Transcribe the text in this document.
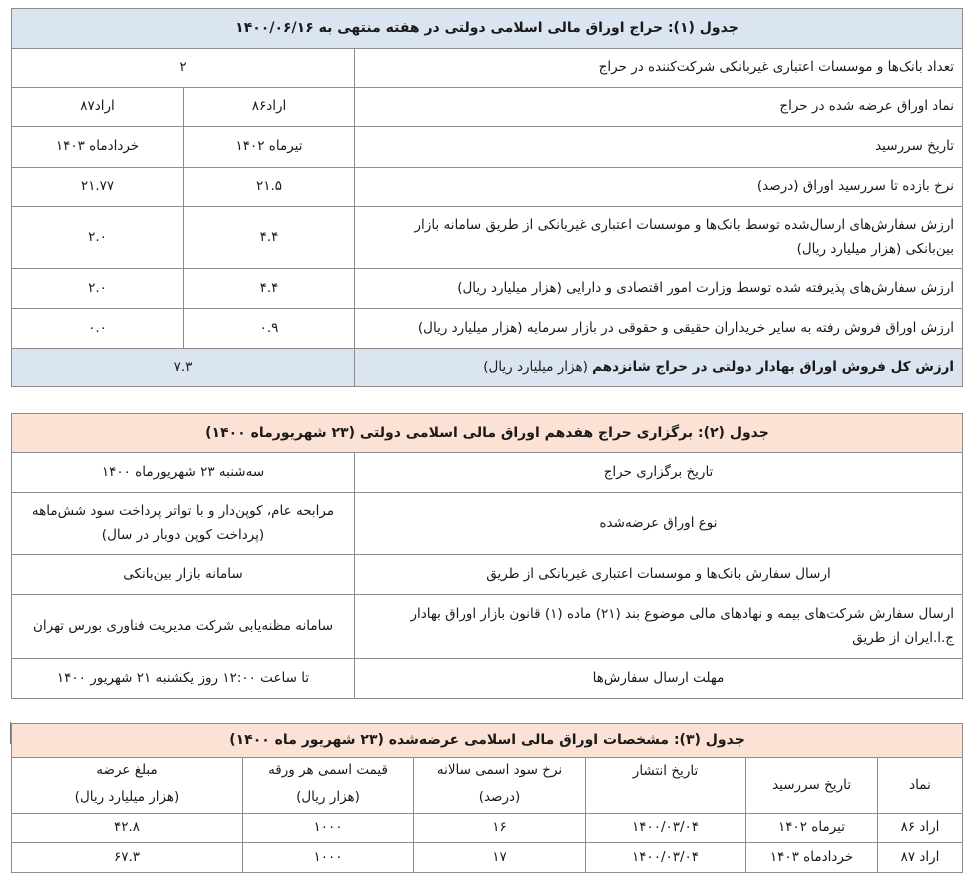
جدول (۱): حراج اوراق مالی اسلامی دولتی در هفته منتهی به ۱۴۰۰/۰۶/۱۶		
تعداد بانک‌ها و موسسات اعتباری غیربانکی شرکت‌کننده در حراج	۲	
نماد اوراق عرضه شده در حراج	اراد۸۶	اراد۸۷
تاریخ سررسید	تیرماه ۱۴۰۲	خردادماه ۱۴۰۳
نرخ بازده تا سررسید اوراق (درصد)	۲۱.۵	۲۱.۷۷
ارزش سفارش‌های ارسال‌شده توسط بانک‌ها و موسسات اعتباری غیربانکی از طریق سامانه بازار بین‌بانکی (هزار میلیارد ریال)	۴.۴	۲.۰
ارزش سفارش‌های پذیرفته شده توسط وزارت امور اقتصادی و دارایی (هزار میلیارد ریال)	۴.۴	۲.۰
ارزش اوراق فروش رفته به سایر خریداران حقیقی و حقوقی در بازار سرمایه (هزار میلیارد ریال)	۰.۹	۰.۰
ارزش کل فروش اوراق بهادار دولتی در حراج شانزدهم (هزار میلیارد ریال)	۷.۳	
جدول (۲): برگزاری حراج هفدهم اوراق مالی اسلامی دولتی (۲۳ شهریورماه ۱۴۰۰)	
تاریخ برگزاری حراج	سه‌شنبه ۲۳ شهریورماه ۱۴۰۰
نوع اوراق عرضه‌شده	مرابحه عام، کوپن‌دار و با تواتر پرداخت سود شش‌ماهه (پرداخت کوپن دوبار در سال)
ارسال سفارش بانک‌ها و موسسات اعتباری غیربانکی از طریق	سامانه بازار بین‌بانکی
ارسال سفارش شرکت‌های بیمه و نهادهای مالی موضوع بند (۲۱) ماده (۱) قانون بازار اوراق بهادار ج.ا.ایران از طریق	سامانه مظنه‌یابی شرکت مدیریت فناوری بورس تهران
مهلت ارسال سفارش‌ها	تا ساعت ۱۲:۰۰ روز یکشنبه ۲۱ شهریور ۱۴۰۰
جدول (۳): مشخصات اوراق مالی اسلامی عرضه‌شده (۲۳ شهریور ماه ۱۴۰۰)					
نماد	تاریخ سررسید	تاریخ انتشار	نرخ سود اسمی سالانه	قیمت اسمی هر ورقه	مبلغ عرضه
			(درصد)	(هزار ریال)	(هزار میلیارد ریال)
اراد ۸۶	تیرماه ۱۴۰۲	۱۴۰۰/۰۳/۰۴	۱۶	۱۰۰۰	۴۲.۸
اراد ۸۷	خردادماه ۱۴۰۳	۱۴۰۰/۰۳/۰۴	۱۷	۱۰۰۰	۶۷.۳
